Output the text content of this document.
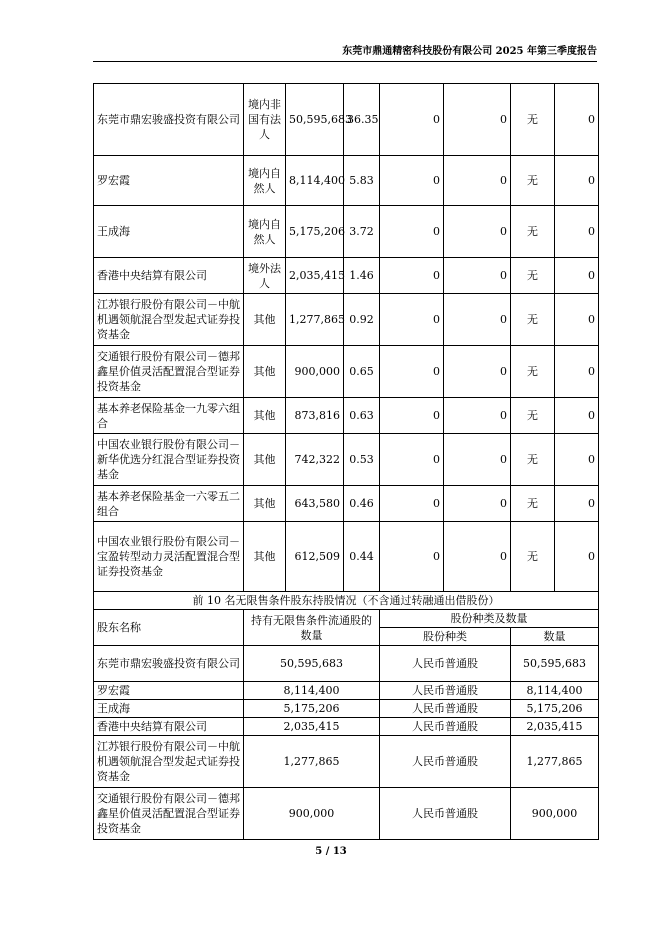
东莞市鼎通精密科技股份有限公司 2025 年第三季度报告
东莞市鼎宏骏盛投资有限公司	境内非国有法人	50,595,683	36.35	0	0	无	0
罗宏霞	境内自然人	8,114,400	5.83	0	0	无	0
王成海	境内自然人	5,175,206	3.72	0	0	无	0
香港中央结算有限公司	境外法人	2,035,415	1.46	0	0	无	0
江苏银行股份有限公司－中航机遇领航混合型发起式证券投资基金	其他	1,277,865	0.92	0	0	无	0
交通银行股份有限公司－德邦鑫星价值灵活配置混合型证券投资基金	其他	900,000	0.65	0	0	无	0
基本养老保险基金一九零六组合	其他	873,816	0.63	0	0	无	0
中国农业银行股份有限公司－新华优选分红混合型证券投资基金	其他	742,322	0.53	0	0	无	0
基本养老保险基金一六零五二组合	其他	643,580	0.46	0	0	无	0
中国农业银行股份有限公司－宝盈转型动力灵活配置混合型证券投资基金	其他	612,509	0.44	0	0	无	0
前 10 名无限售条件股东持股情况（不含通过转融通出借股份）							
股东名称	持有无限售条件流通股的数量			股份种类及数量			
				股份种类		数量	
东莞市鼎宏骏盛投资有限公司	50,595,683			人民币普通股		50,595,683	
罗宏霞	8,114,400			人民币普通股		8,114,400	
王成海	5,175,206			人民币普通股		5,175,206	
香港中央结算有限公司	2,035,415			人民币普通股		2,035,415	
江苏银行股份有限公司－中航机遇领航混合型发起式证券投资基金	1,277,865			人民币普通股		1,277,865	
交通银行股份有限公司－德邦鑫星价值灵活配置混合型证券投资基金	900,000			人民币普通股		900,000	
5 / 13
